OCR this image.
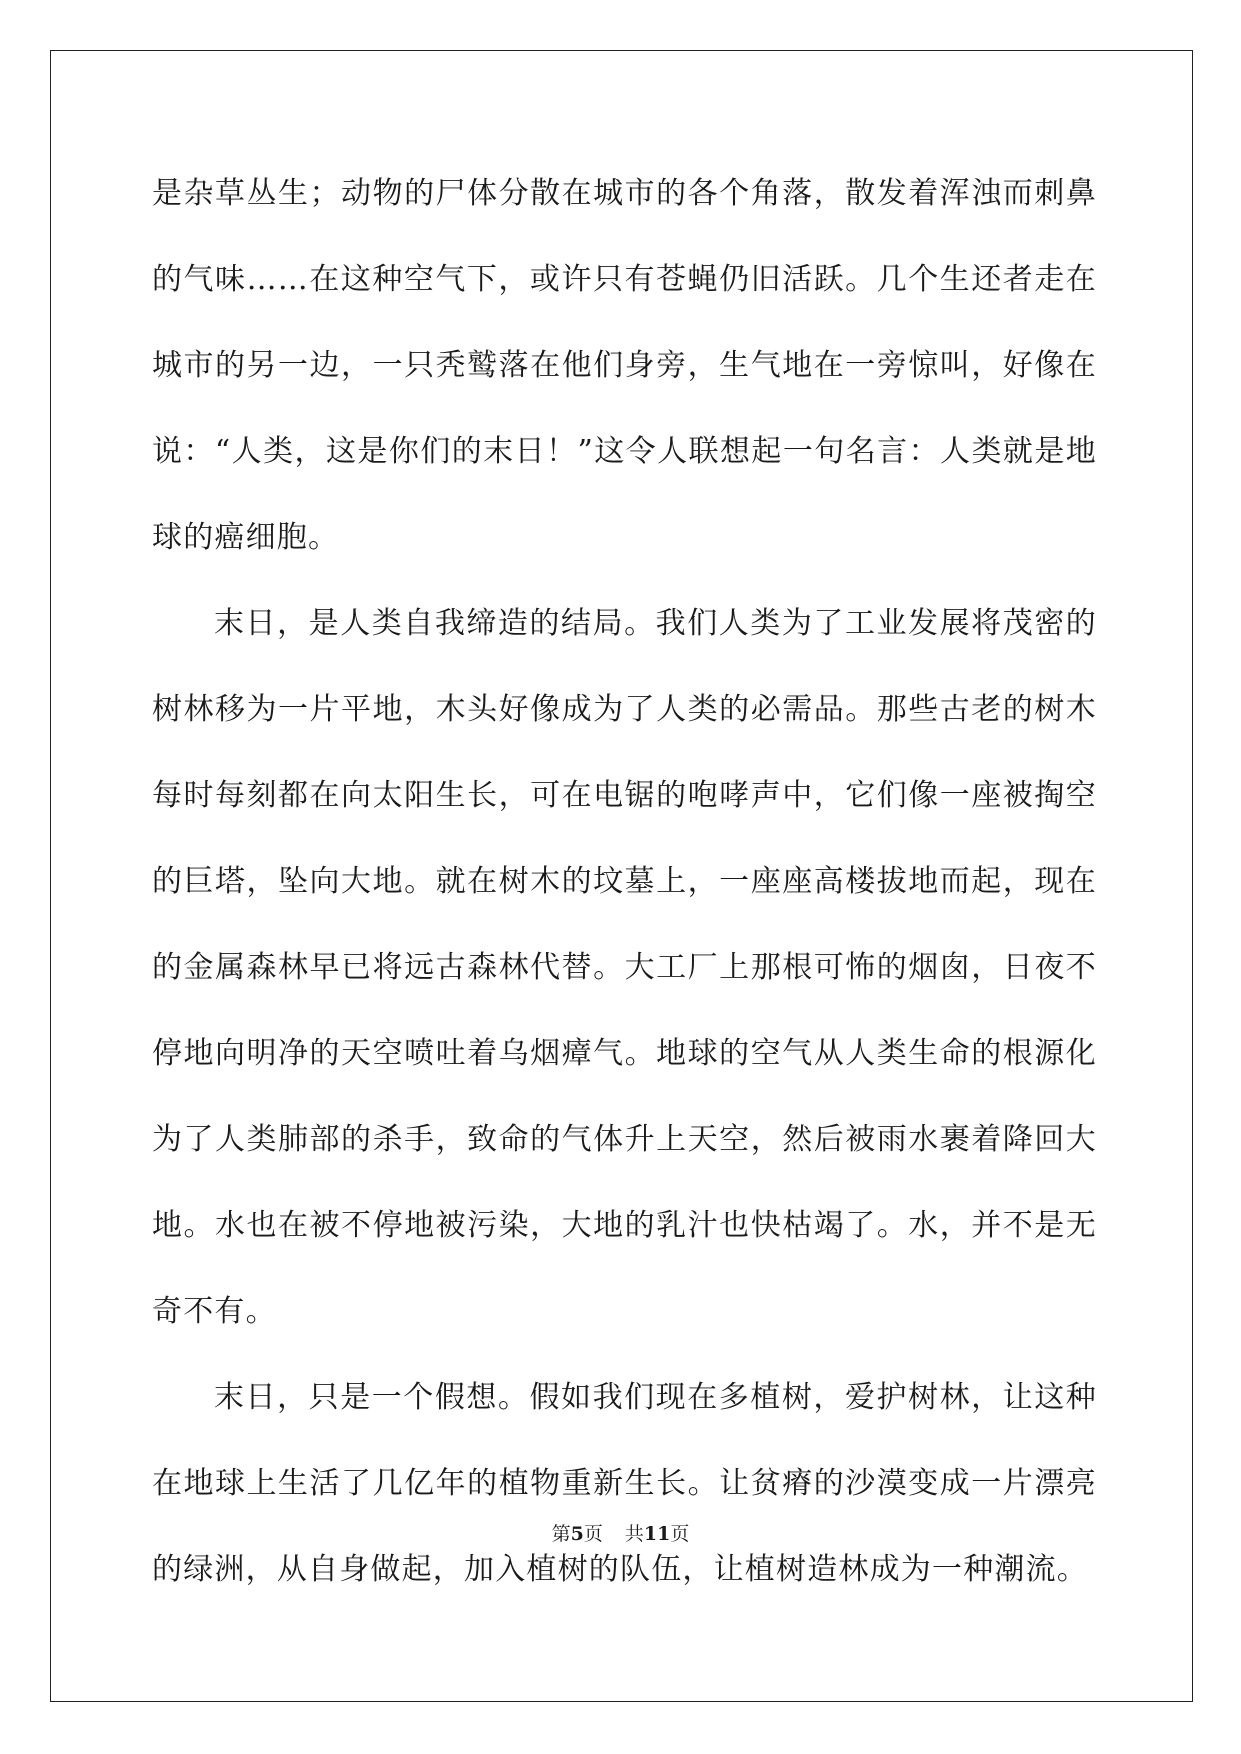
是杂草丛生；动物的尸体分散在城市的各个角落，散发着浑浊而刺鼻的气味……在这种空气下，或许只有苍蝇仍旧活跃。几个生还者走在城市的另一边，一只秃鹫落在他们身旁，生气地在一旁惊叫，好像在说：“人类，这是你们的末日！”这令人联想起一句名言：人类就是地球的癌细胞。

末日，是人类自我缔造的结局。我们人类为了工业发展将茂密的树林移为一片平地，木头好像成为了人类的必需品。那些古老的树木每时每刻都在向太阳生长，可在电锯的咆哮声中，它们像一座被掏空的巨塔，坠向大地。就在树木的坟墓上，一座座高楼拔地而起，现在的金属森林早已将远古森林代替。大工厂上那根可怖的烟囱，日夜不停地向明净的天空喷吐着乌烟瘴气。地球的空气从人类生命的根源化为了人类肺部的杀手，致命的气体升上天空，然后被雨水裹着降回大地。水也在被不停地被污染，大地的乳汁也快枯竭了。水，并不是无奇不有。

末日，只是一个假想。假如我们现在多植树，爱护树林，让这种在地球上生活了几亿年的植物重新生长。让贫瘠的沙漠变成一片漂亮的绿洲，从自身做起，加入植树的队伍，让植树造林成为一种潮流。

第5页 共11页
